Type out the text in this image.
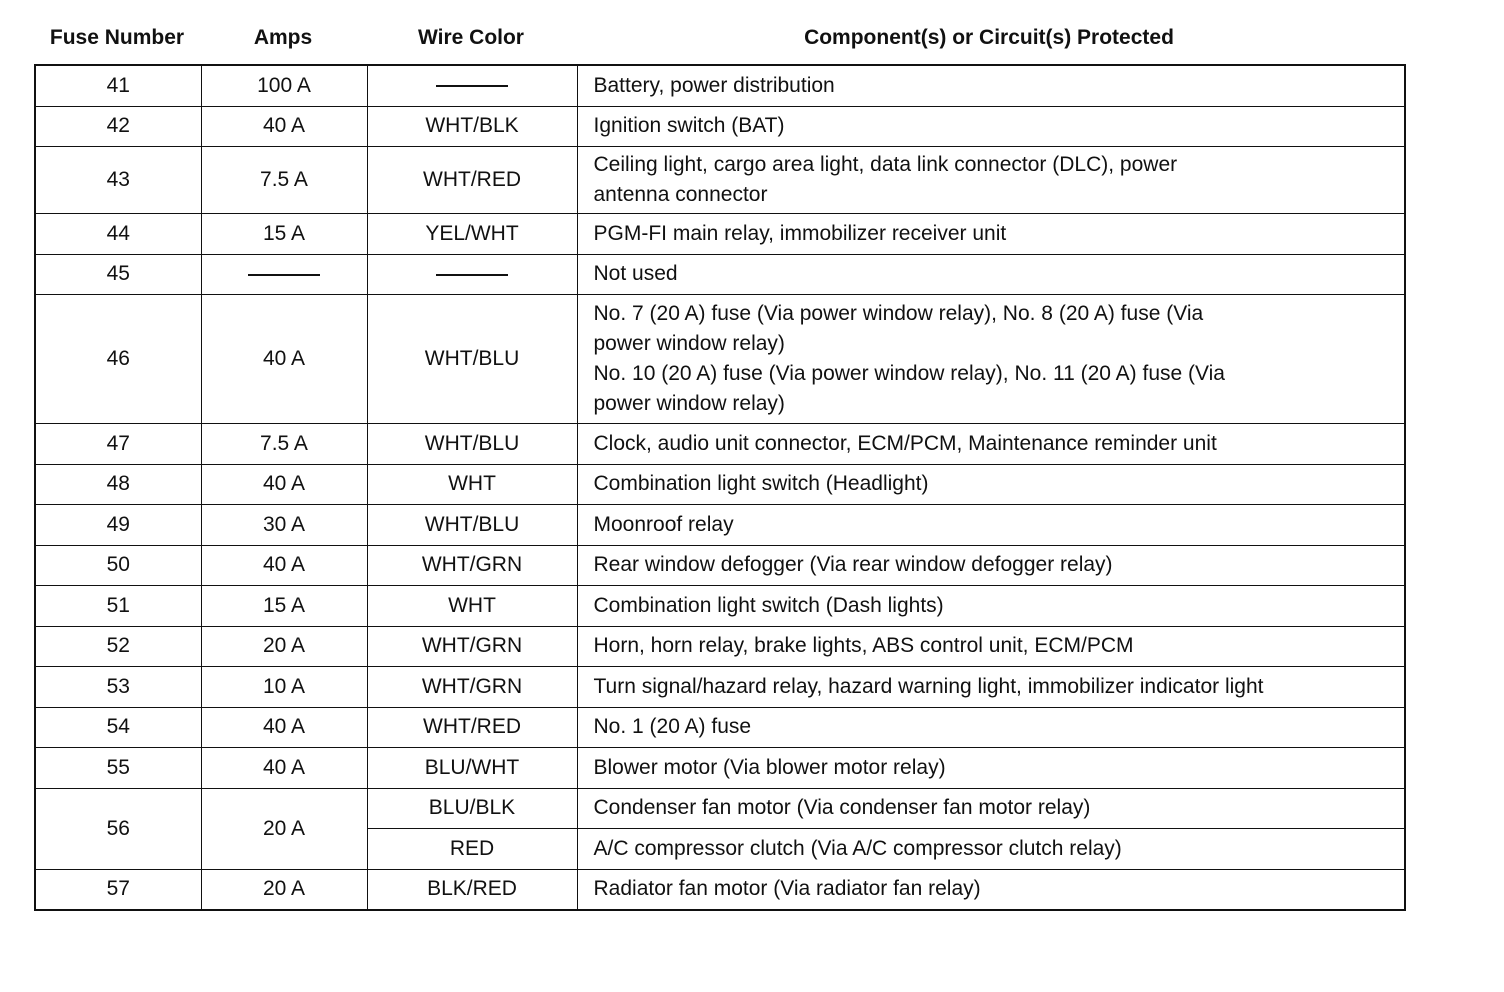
Fuse Number	Amps	Wire Color	Component(s) or Circuit(s) Protected
41	100 A		Battery, power distribution
42	40 A	WHT/BLK	Ignition switch (BAT)
43	7.5 A	WHT/RED	Ceiling light, cargo area light, data link connector (DLC), power
antenna connector

44	15 A	YEL/WHT	PGM-FI main relay, immobilizer receiver unit
45			Not used
46	40 A	WHT/BLU	No. 7 (20 A) fuse (Via power window relay), No. 8 (20 A) fuse (Via
power window relay)
No. 10 (20 A) fuse (Via power window relay), No. 11 (20 A) fuse (Via
power window relay)

47	7.5 A	WHT/BLU	Clock, audio unit connector, ECM/PCM, Maintenance reminder unit
48	40 A	WHT	Combination light switch (Headlight)
49	30 A	WHT/BLU	Moonroof relay
50	40 A	WHT/GRN	Rear window defogger (Via rear window defogger relay)
51	15 A	WHT	Combination light switch (Dash lights)
52	20 A	WHT/GRN	Horn, horn relay, brake lights, ABS control unit, ECM/PCM
53	10 A	WHT/GRN	Turn signal/hazard relay, hazard warning light, immobilizer indicator light
54	40 A	WHT/RED	No. 1 (20 A) fuse
55	40 A	BLU/WHT	Blower motor (Via blower motor relay)
56	20 A	BLU/BLK	Condenser fan motor (Via condenser fan motor relay)
		RED	A/C compressor clutch (Via A/C compressor clutch relay)
57	20 A	BLK/RED	Radiator fan motor (Via radiator fan relay)
